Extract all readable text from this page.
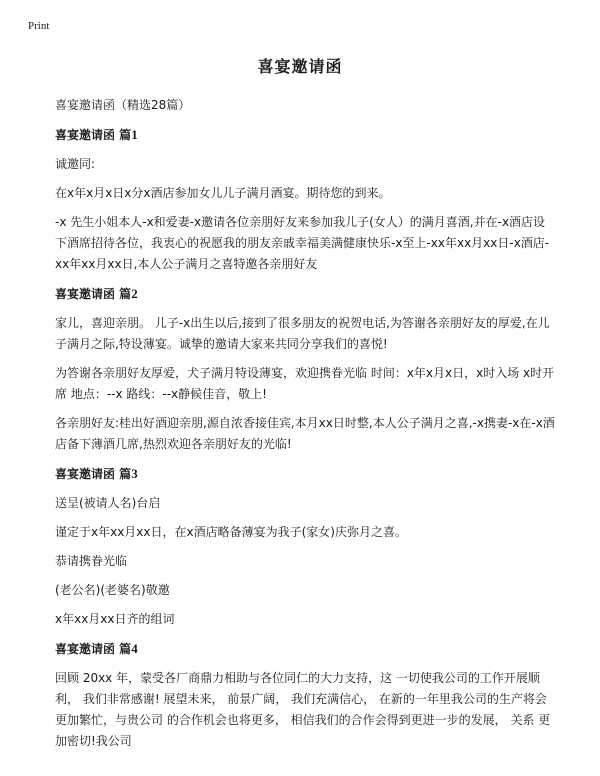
Print
喜宴邀请函

喜宴邀请函（精选28篇）

喜宴邀请函 篇1

诚邀同:

在x年x月x日x分x酒店参加女儿儿子满月酒宴。期待您的到来。

-x 先生小姐本人-x和爱妻-x邀请各位亲朋好友来参加我儿子(女人）的满月喜酒,并在-x酒店设下酒席招待各位，我衷心的祝愿我的朋友亲戚幸福美满健康快乐-x至上-xx年xx月xx日-x酒店-xx年xx月xx日,本人公子满月之喜特邀各亲朋好友

喜宴邀请函 篇2

家儿，喜迎亲朋。 儿子-x出生以后,接到了很多朋友的祝贺电话,为答谢各亲朋好友的厚爱,在儿子满月之际,特设薄宴。诚挚的邀请大家来共同分享我们的喜悦!

为答谢各亲朋好友厚爱，犬子满月特设薄宴，欢迎携眷光临 时间：x年x月x日，x时入场 x时开席 地点：--x 路线：--x静候佳音，敬上!

各亲朋好友:桂出好酒迎亲朋,源自浓香接佳宾,本月xx日时整,本人公子满月之喜,-x携妻-x在-x酒店备下薄酒几席,热烈欢迎各亲朋好友的光临!

喜宴邀请函 篇3

送呈(被请人名)台启

谨定于x年xx月xx日，在x酒店略备薄宴为我子(家女)庆弥月之喜。

恭请携眷光临

(老公名)(老婆名)敬邀

x年xx月xx日齐的组词

喜宴邀请函 篇4

回顾 20xx 年，蒙受各厂商鼎力相助与各位同仁的大力支持，这 一切使我公司的工作开展顺利， 我们非常感谢! 展望未来， 前景广阔， 我们充满信心， 在新的一年里我公司的生产将会更加繁忙，与贵公司 的合作机会也将更多， 相信我们的合作会得到更进一步的发展， 关系 更加密切!我公司
